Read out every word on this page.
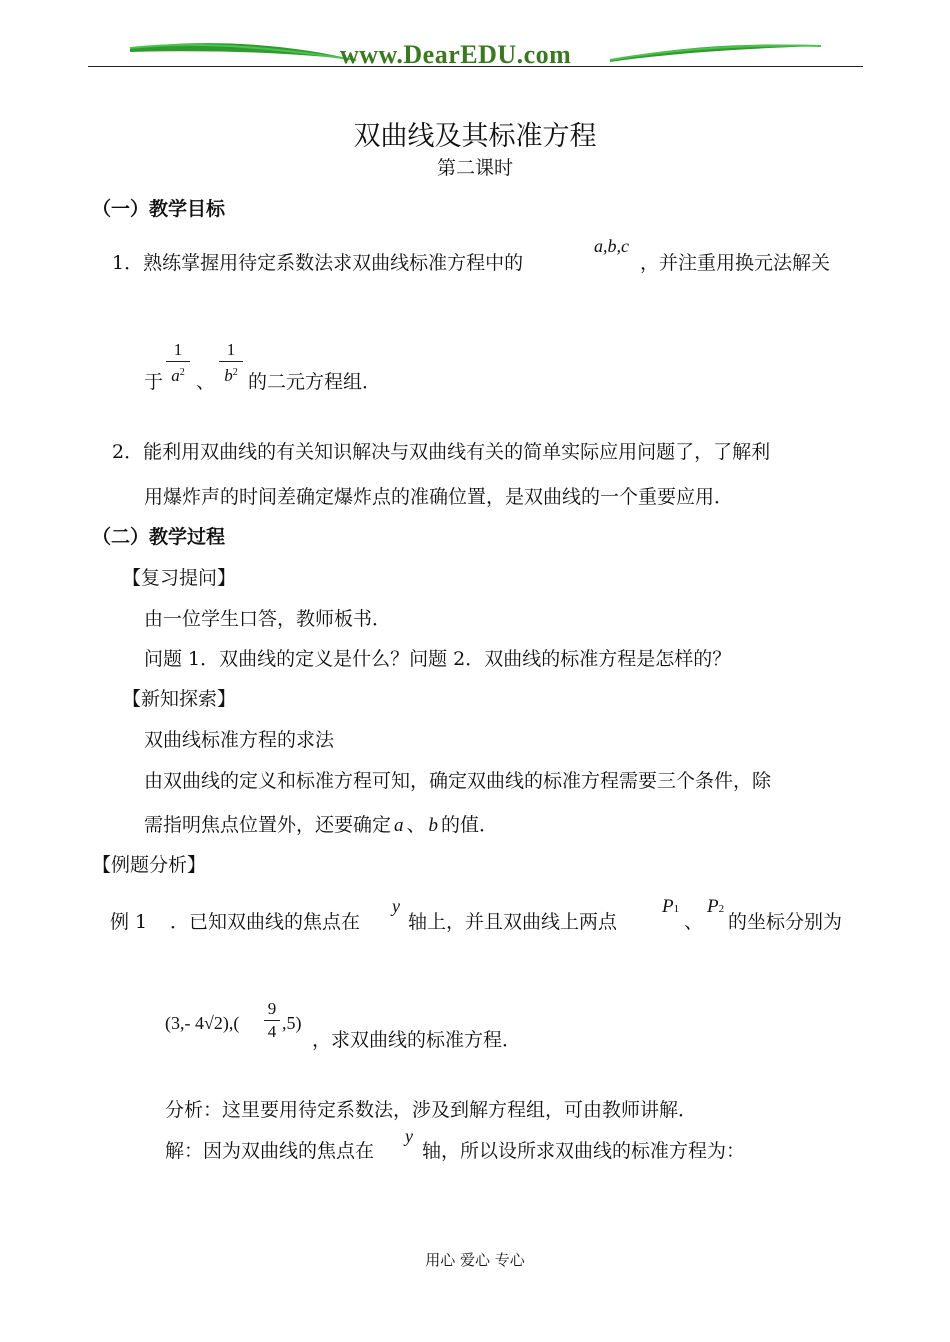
www.DearEDU.com
双曲线及其标准方程
第二课时
（一）教学目标
1．熟练掌握用待定系数法求双曲线标准方程中的
a,b,c
，并注重用换元法解关
于
1
$a^2$ 、
1
$b^2$ 的二元方程组．
2．能利用双曲线的有关知识解决与双曲线有关的简单实际应用问题了，了解利
用爆炸声的时间差确定爆炸点的准确位置，是双曲线的一个重要应用．
（二）教学过程
【复习提问】
由一位学生口答，教师板书．
问题 1．双曲线的定义是什么？问题 2．双曲线的标准方程是怎样的？
【新知探索】
双曲线标准方程的求法
由双曲线的定义和标准方程可知，确定双曲线的标准方程需要三个条件，除
需指明焦点位置外，还要确定 a 、 b 的值．
【例题分析】
例 1 ．已知双曲线的焦点在
y
轴上，并且双曲线上两点
P1
、
P2
的坐标分别为
(3,- 4√2),(
9
4 ,5)
，求双曲线的标准方程．
分析：这里要用待定系数法，涉及到解方程组，可由教师讲解．
解：因为双曲线的焦点在
y
轴，所以设所求双曲线的标准方程为：
用心 爱心 专心
